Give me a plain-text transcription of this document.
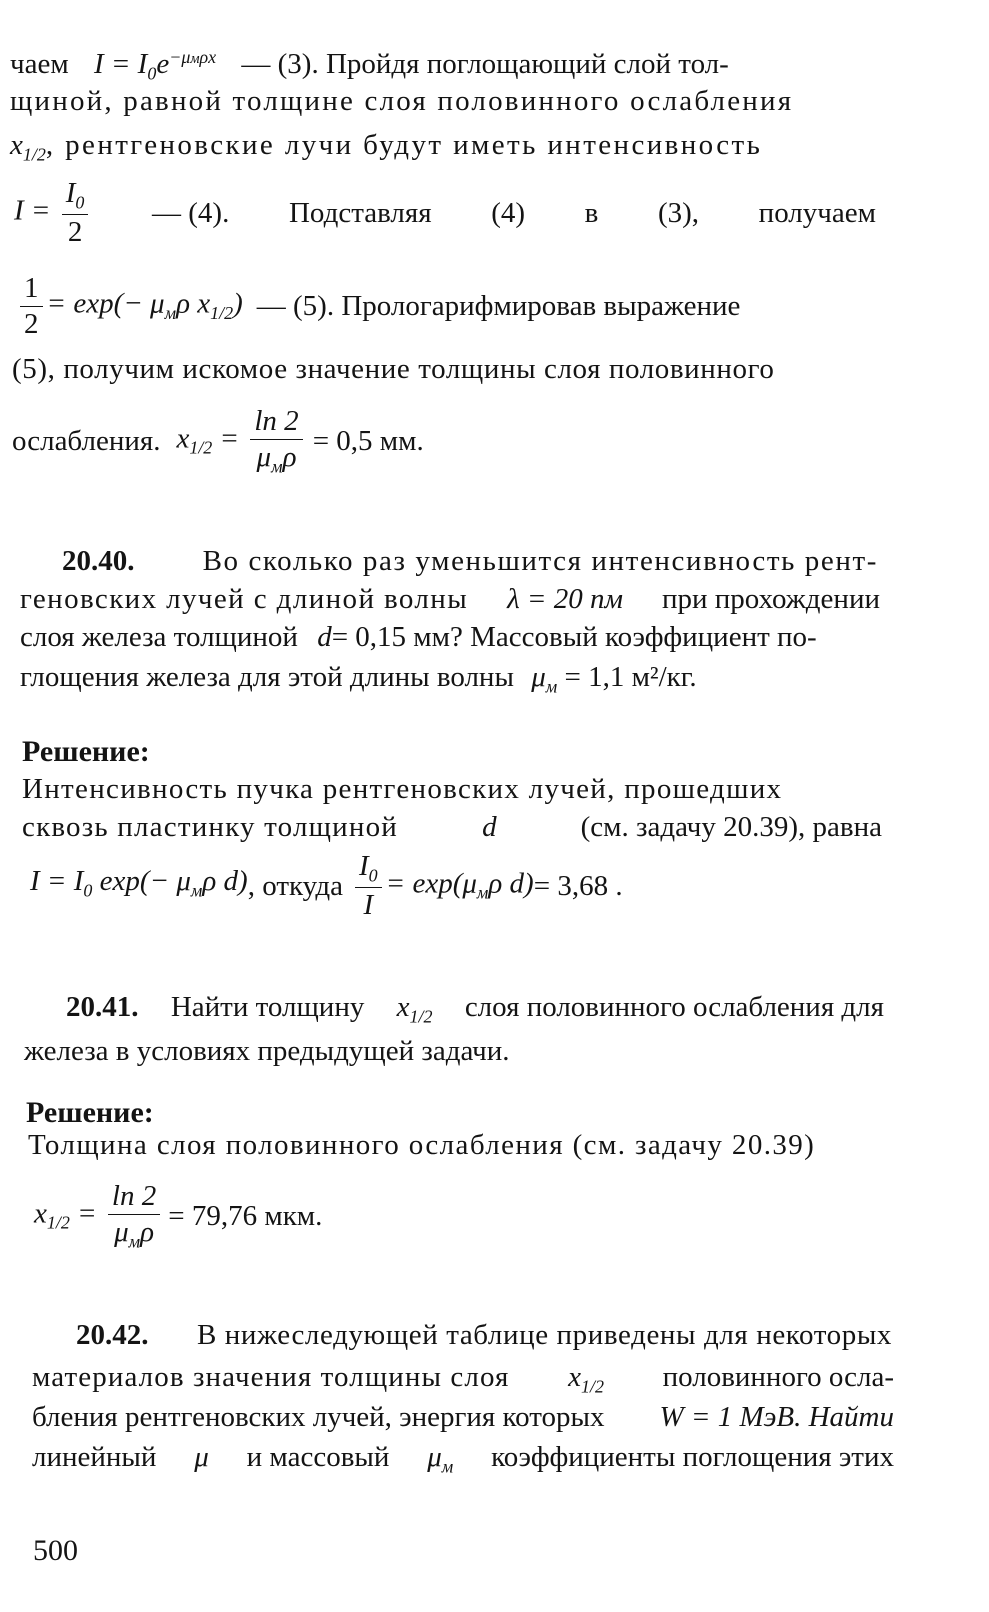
чаем $I = I_0e^{-\mu м\rho x}$ — (3). Пройдя поглощающий слой тол-
щиной, равной толщине слоя половинного ослабления
$x_{1/2}$, рентгеновские лучи будут иметь интенсивность
$I = \frac{I_0}{2}$ — (4). Подставляя (4) в (3), получаем
$\frac{1}{2} = \exp(- \mu_м\rho$ $x_{1/2}$) — (5). Прологарифмировав выражение
(5), получим искомое значение толщины слоя половинного
ослабления. $x_{1/2} = \frac{\ln 2}{\mu_м\rho} = 0,5$ мм.
20.40. Во сколько раз уменьшится интенсивность рент-
геновских лучей с длиной волны λ = 20 пм при прохождении
слоя железа толщиной d= 0,15 мм? Массовый коэффициент по-
глощения железа для этой длины волны $\mu_м = 1,1$ м²/кг.
Решение:
Интенсивность пучка рентгеновских лучей, прошедших
сквозь пластинку толщиной	d	(см. задачу 20.39), равна
$I = I_0$ $\exp(- \mu_м\rho$ d) , откуда $\frac{I_0}{I} = \exp(\mu_м\rho$ d) = 3,68 .
20.41. Найти толщину $x_{1/2}$ слоя половинного ослабления для
железа в условиях предыдущей задачи.
Решение:
Толщина слоя половинного ослабления (см. задачу 20.39)
$x_{1/2} = \frac{\ln 2}{\mu_м\rho} = 79,76$ мкм.
20.42. В нижеследующей таблице приведены для некоторых
материалов значения толщины слоя $x_{1/2}$ половинного осла-
бления рентгеновских лучей, энергия которых W = 1 МэВ. Найти
линейный μ и массовый $\mu_м$ коэффициенты поглощения этих
500
